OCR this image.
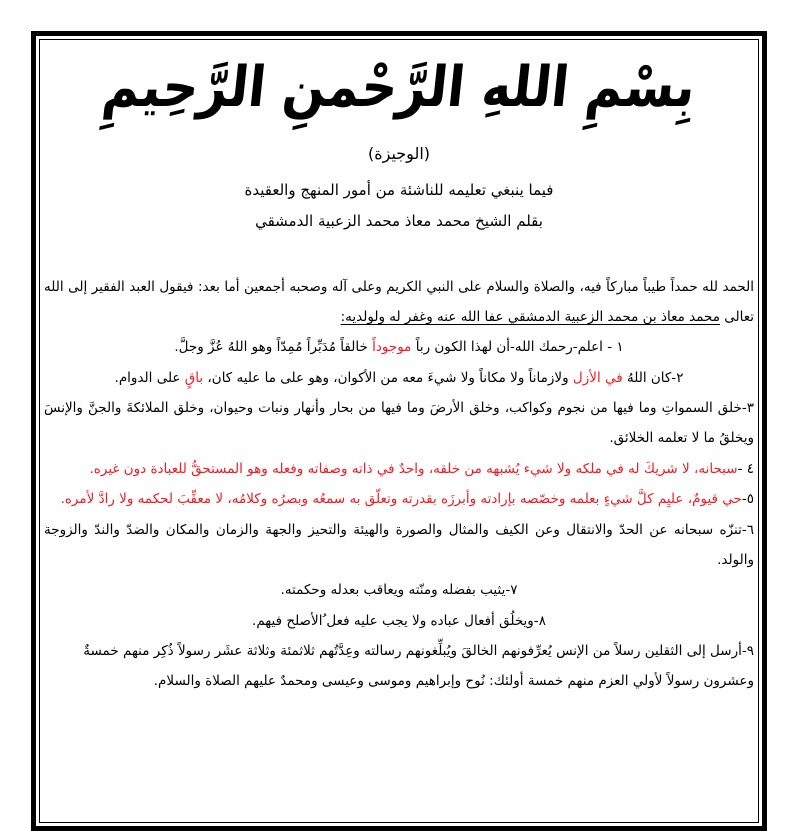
بِسْمِ اللهِ الرَّحْمنِ الرَّحِيمِ
(الوجيزة)
فيما ينبغي تعليمه للناشئة من أمور المنهج والعقيدة
بقلم الشيخ محمد معاذ محمد الزعبية الدمشقي

الحمد لله حمداً طيباً مباركاً فيه، والصلاة والسلام على النبي الكريم وعلى آله وصحبه أجمعين أما بعد: فيقول العبد الفقير إلى الله تعالى محمد معاذ بن محمد الزعبية الدمشقي عفا الله عنه وغفر له ولولديه:

١ - اعلم-رحمك الله-أن لهذا الكون رباً موجوداً خالقاً مُدَبِّراً مُمِدّاً وهو اللهُ عُزَّ وجلَّ.

٢-كان اللهُ في الأزل ولازماناً ولا مكاناً ولا شيءَ معه من الأكوان، وهو على ما عليه كان، باقٍ على الدوام.

٣-خلق السمواتِ وما فيها من نجوم وكواكب، وخلق الأرضَ وما فيها من بحار وأنهار ونبات وحيوان، وخلق الملائكةَ والجنَّ والإنسَ ويخلقُ ما لا تعلمه الخلائق.

٤ -سبحانه، لا شريكَ له في ملكه ولا شيء يُشبهه من خلقه، واحدٌ في ذاته وصفاته وفعله وهو المستحقُّ للعبادة دون غيره.

٥-حي قيومٌ، عليِم كلَّ شيءٍ بعلمه وخصّصه بإرادته وأبرزَه بقدرته وتعلّق به سمعُه وبصرُه وكلامُه، لا معقِّبَ لحكمه ولا رادَّ لأمره.

٦-تنزّه سبحانه عن الحدّ والانتقال وعن الكيف والمثال والصورة والهيئة والتحيز والجهة والزمان والمكان والضدّ والندّ والزوجة والولد.

٧-يثيب بفضله ومنّته ويعاقب بعدله وحكمته.

٨-ويخلُق أفعال عباده ولا يجب عليه فعل ُالأصلح فيهم.

٩-أرسل إلى الثقلين رسلاً من الإنس يُعرِّفونهم الخالقَ ويُبلِّغونهم رسالته وعِدَّتُهم ثلاثمئة وثلاثة عشَر رسولاً ذُكِر منهم خمسةٌ

وعشرون رسولاً لأولي العزم منهم خمسة أولئك: نُوح وإبراهيم وموسى وعيسى ومحمدٌ عليهم الصلاة والسلام.
